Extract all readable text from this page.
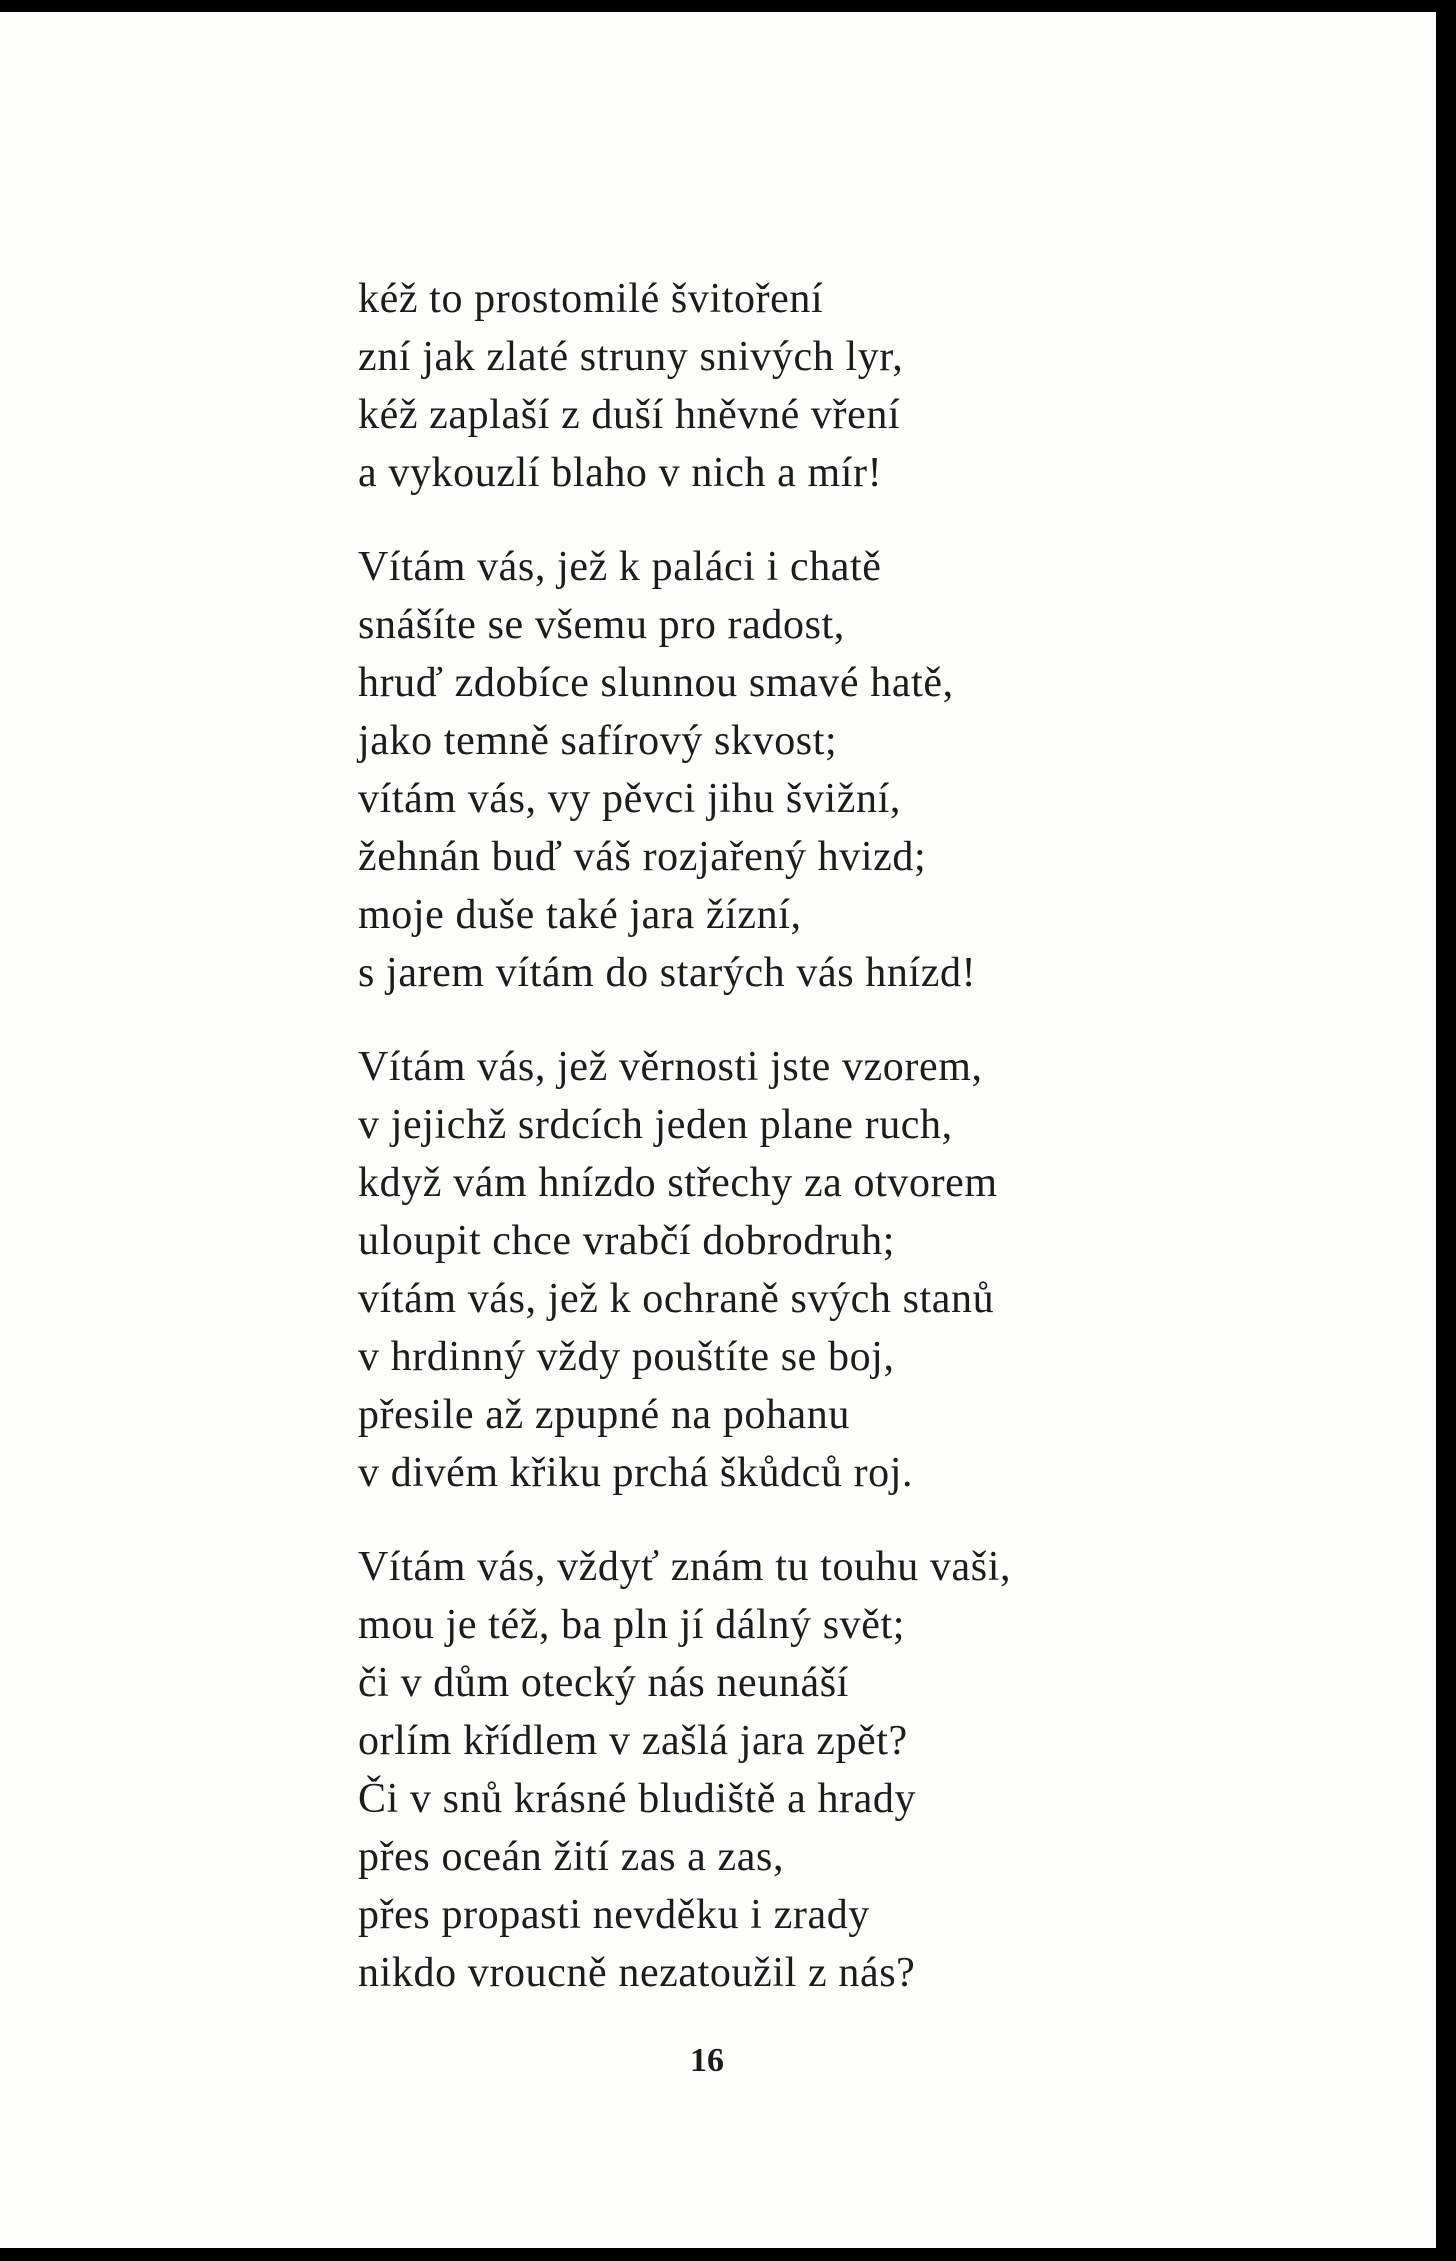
kéž to prostomilé švitoření
zní jak zlaté struny snivých lyr,
kéž zaplaší z duší hněvné vření
a vykouzlí blaho v nich a mír!
Vítám vás, jež k paláci i chatě
snášíte se všemu pro radost,
hruď zdobíce slunnou smavé hatě,
jako temně safírový skvost;
vítám vás, vy pěvci jihu švižní,
žehnán buď váš rozjařený hvizd;
moje duše také jara žízní,
s jarem vítám do starých vás hnízd!
Vítám vás, jež věrnosti jste vzorem,
v jejichž srdcích jeden plane ruch,
když vám hnízdo střechy za otvorem
uloupit chce vrabčí dobrodruh;
vítám vás, jež k ochraně svých stanů
v hrdinný vždy pouštíte se boj,
přesile až zpupné na pohanu
v divém křiku prchá škůdců roj.
Vítám vás, vždyť znám tu touhu vaši,
mou je též, ba pln jí dálný svět;
či v dům otecký nás neunáší
orlím křídlem v zašlá jara zpět?
Či v snů krásné bludiště a hrady
přes oceán žití zas a zas,
přes propasti nevděku i zrady
nikdo vroucně nezatoužil z nás?
16
